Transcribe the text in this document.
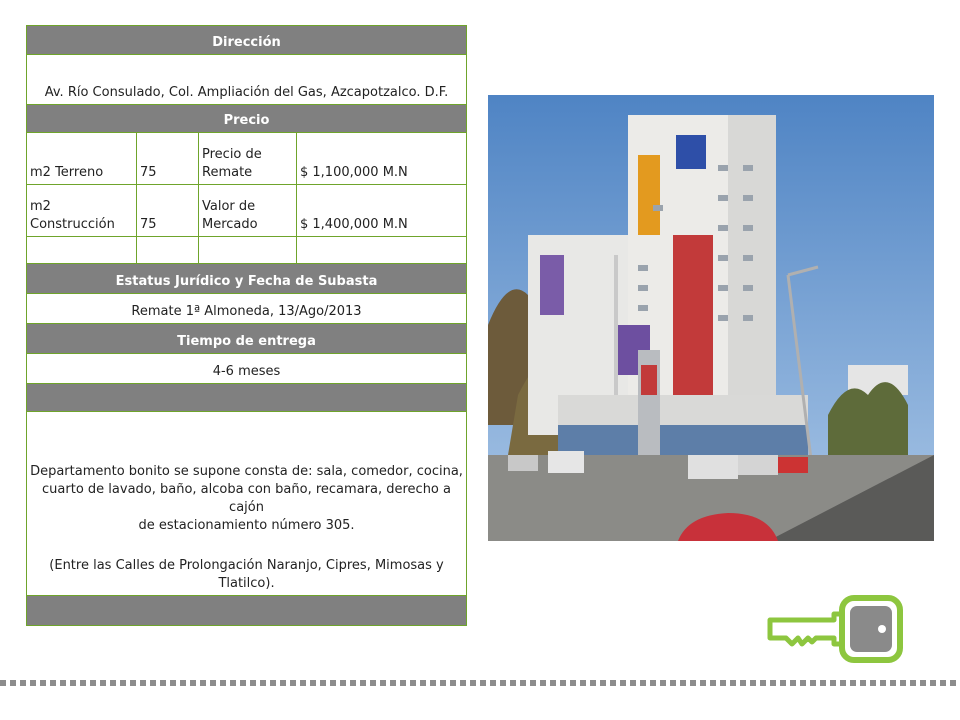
Dirección			
Av. Río Consulado, Col. Ampliación del Gas, Azcapotzalco. D.F.			
Precio			
m2 Terreno	75	Precio de Remate	$ 1,100,000 M.N
m2 Construcción	75	Valor de Mercado	$ 1,400,000 M.N

Estatus Jurídico y Fecha de Subasta			
Remate 1ª Almoneda, 13/Ago/2013			
Tiempo de entrega			
4-6 meses			

Departamento bonito se supone consta de: sala, comedor, cocina, cuarto de lavado, baño, alcoba con baño, recamara, derecho a cajón
de estacionamiento número 305.
(Entre las Calles de Prolongación Naranjo, Cipres, Mimosas y Tlatilco).			
